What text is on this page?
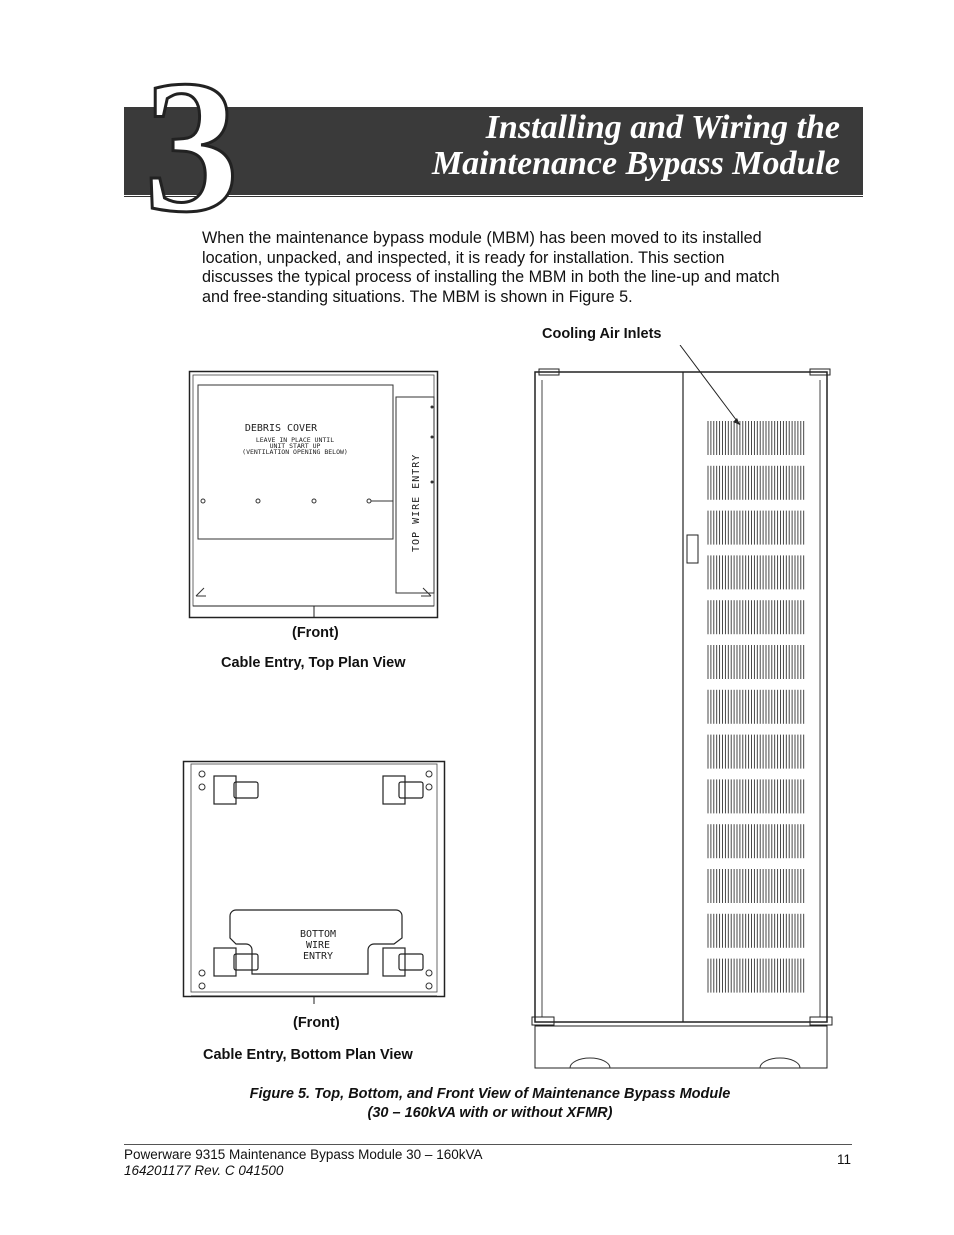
3	Installing and Wiring the
Maintenance Bypass Module
When the maintenance bypass module (MBM) has been moved to its installed
location, unpacked, and inspected, it is ready for installation. This section
discusses the typical process of installing the MBM in both the line-up and match
and free-standing situations. The MBM is shown in Figure 5.
Cooling Air Inlets
DEBRIS COVER
LEAVE IN PLACE UNTIL
UNIT START UP
(VENTILATION OPENING BELOW)
TOP WIRE ENTRY
(Front)
Cable Entry, Top Plan View
BOTTOM
WIRE
ENTRY
(Front)
Cable Entry, Bottom Plan View
Figure 5. Top, Bottom, and Front View of Maintenance Bypass Module
(30 – 160kVA with or without XFMR)
Powerware 9315 Maintenance Bypass Module 30 – 160kVA
164201177 Rev. C 041500
11
